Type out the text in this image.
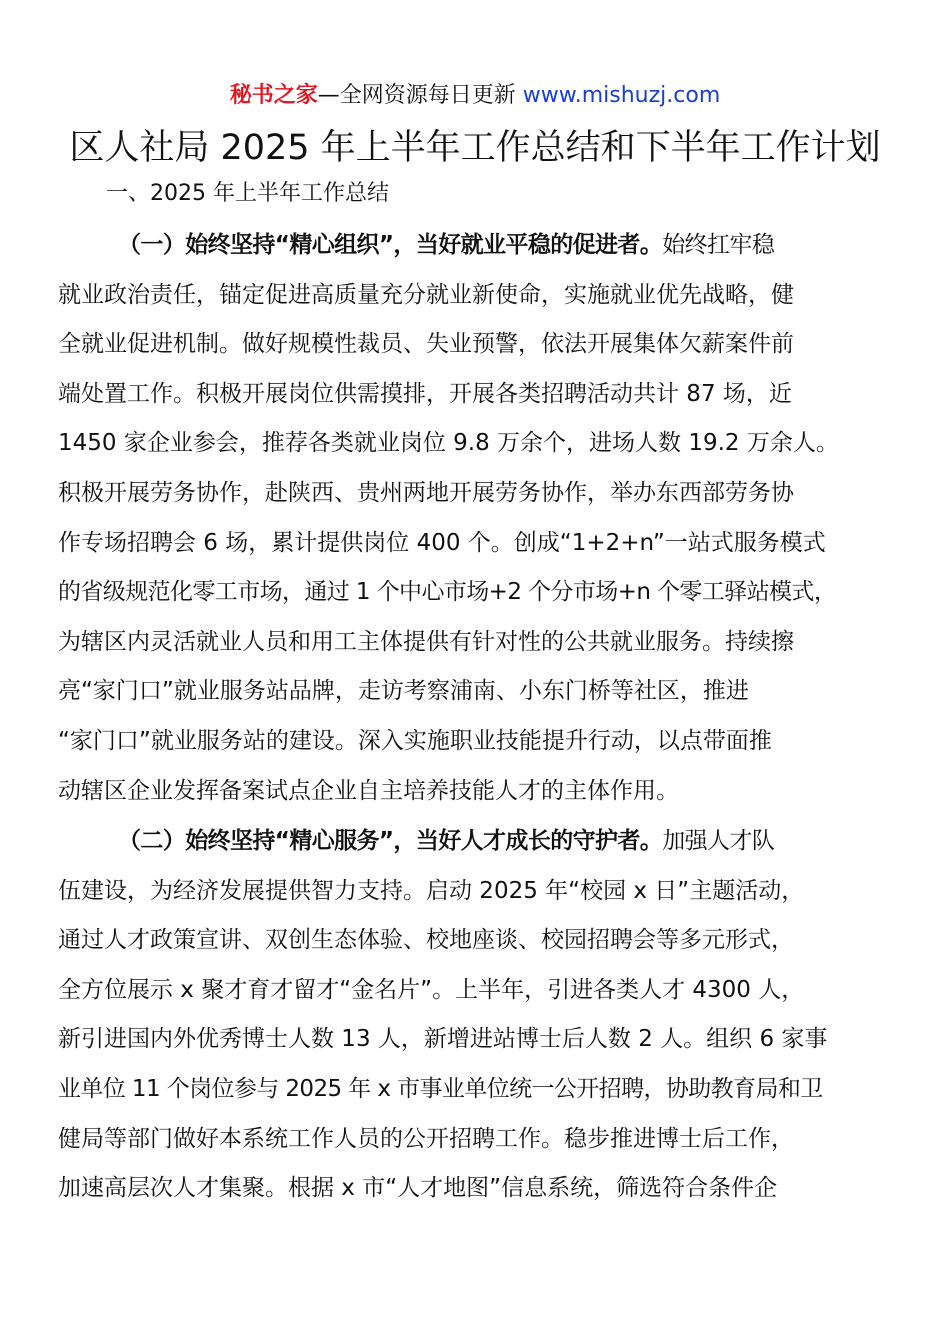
秘书之家—全网资源每日更新 www.mishuzj.com
区人社局 2025 年上半年工作总结和下半年工作计划
一、2025 年上半年工作总结
（一）始终坚持“精心组织”，当好就业平稳的促进者。始终扛牢稳
就业政治责任，锚定促进高质量充分就业新使命，实施就业优先战略，健
全就业促进机制。做好规模性裁员、失业预警，依法开展集体欠薪案件前
端处置工作。积极开展岗位供需摸排，开展各类招聘活动共计 87 场，近
1450 家企业参会，推荐各类就业岗位 9.8 万余个，进场人数 19.2 万余人。
积极开展劳务协作，赴陕西、贵州两地开展劳务协作，举办东西部劳务协
作专场招聘会 6 场，累计提供岗位 400 个。创成“1+2+n”一站式服务模式
的省级规范化零工市场，通过 1 个中心市场+2 个分市场+n 个零工驿站模式，
为辖区内灵活就业人员和用工主体提供有针对性的公共就业服务。持续擦
亮“家门口”就业服务站品牌，走访考察浦南、小东门桥等社区，推进
“家门口”就业服务站的建设。深入实施职业技能提升行动，以点带面推
动辖区企业发挥备案试点企业自主培养技能人才的主体作用。
（二）始终坚持“精心服务”，当好人才成长的守护者。加强人才队
伍建设，为经济发展提供智力支持。启动 2025 年“校园 x 日”主题活动，
通过人才政策宣讲、双创生态体验、校地座谈、校园招聘会等多元形式，
全方位展示 x 聚才育才留才“金名片”。上半年，引进各类人才 4300 人，
新引进国内外优秀博士人数 13 人，新增进站博士后人数 2 人。组织 6 家事
业单位 11 个岗位参与 2025 年 x 市事业单位统一公开招聘，协助教育局和卫
健局等部门做好本系统工作人员的公开招聘工作。稳步推进博士后工作，
加速高层次人才集聚。根据 x 市“人才地图”信息系统，筛选符合条件企
